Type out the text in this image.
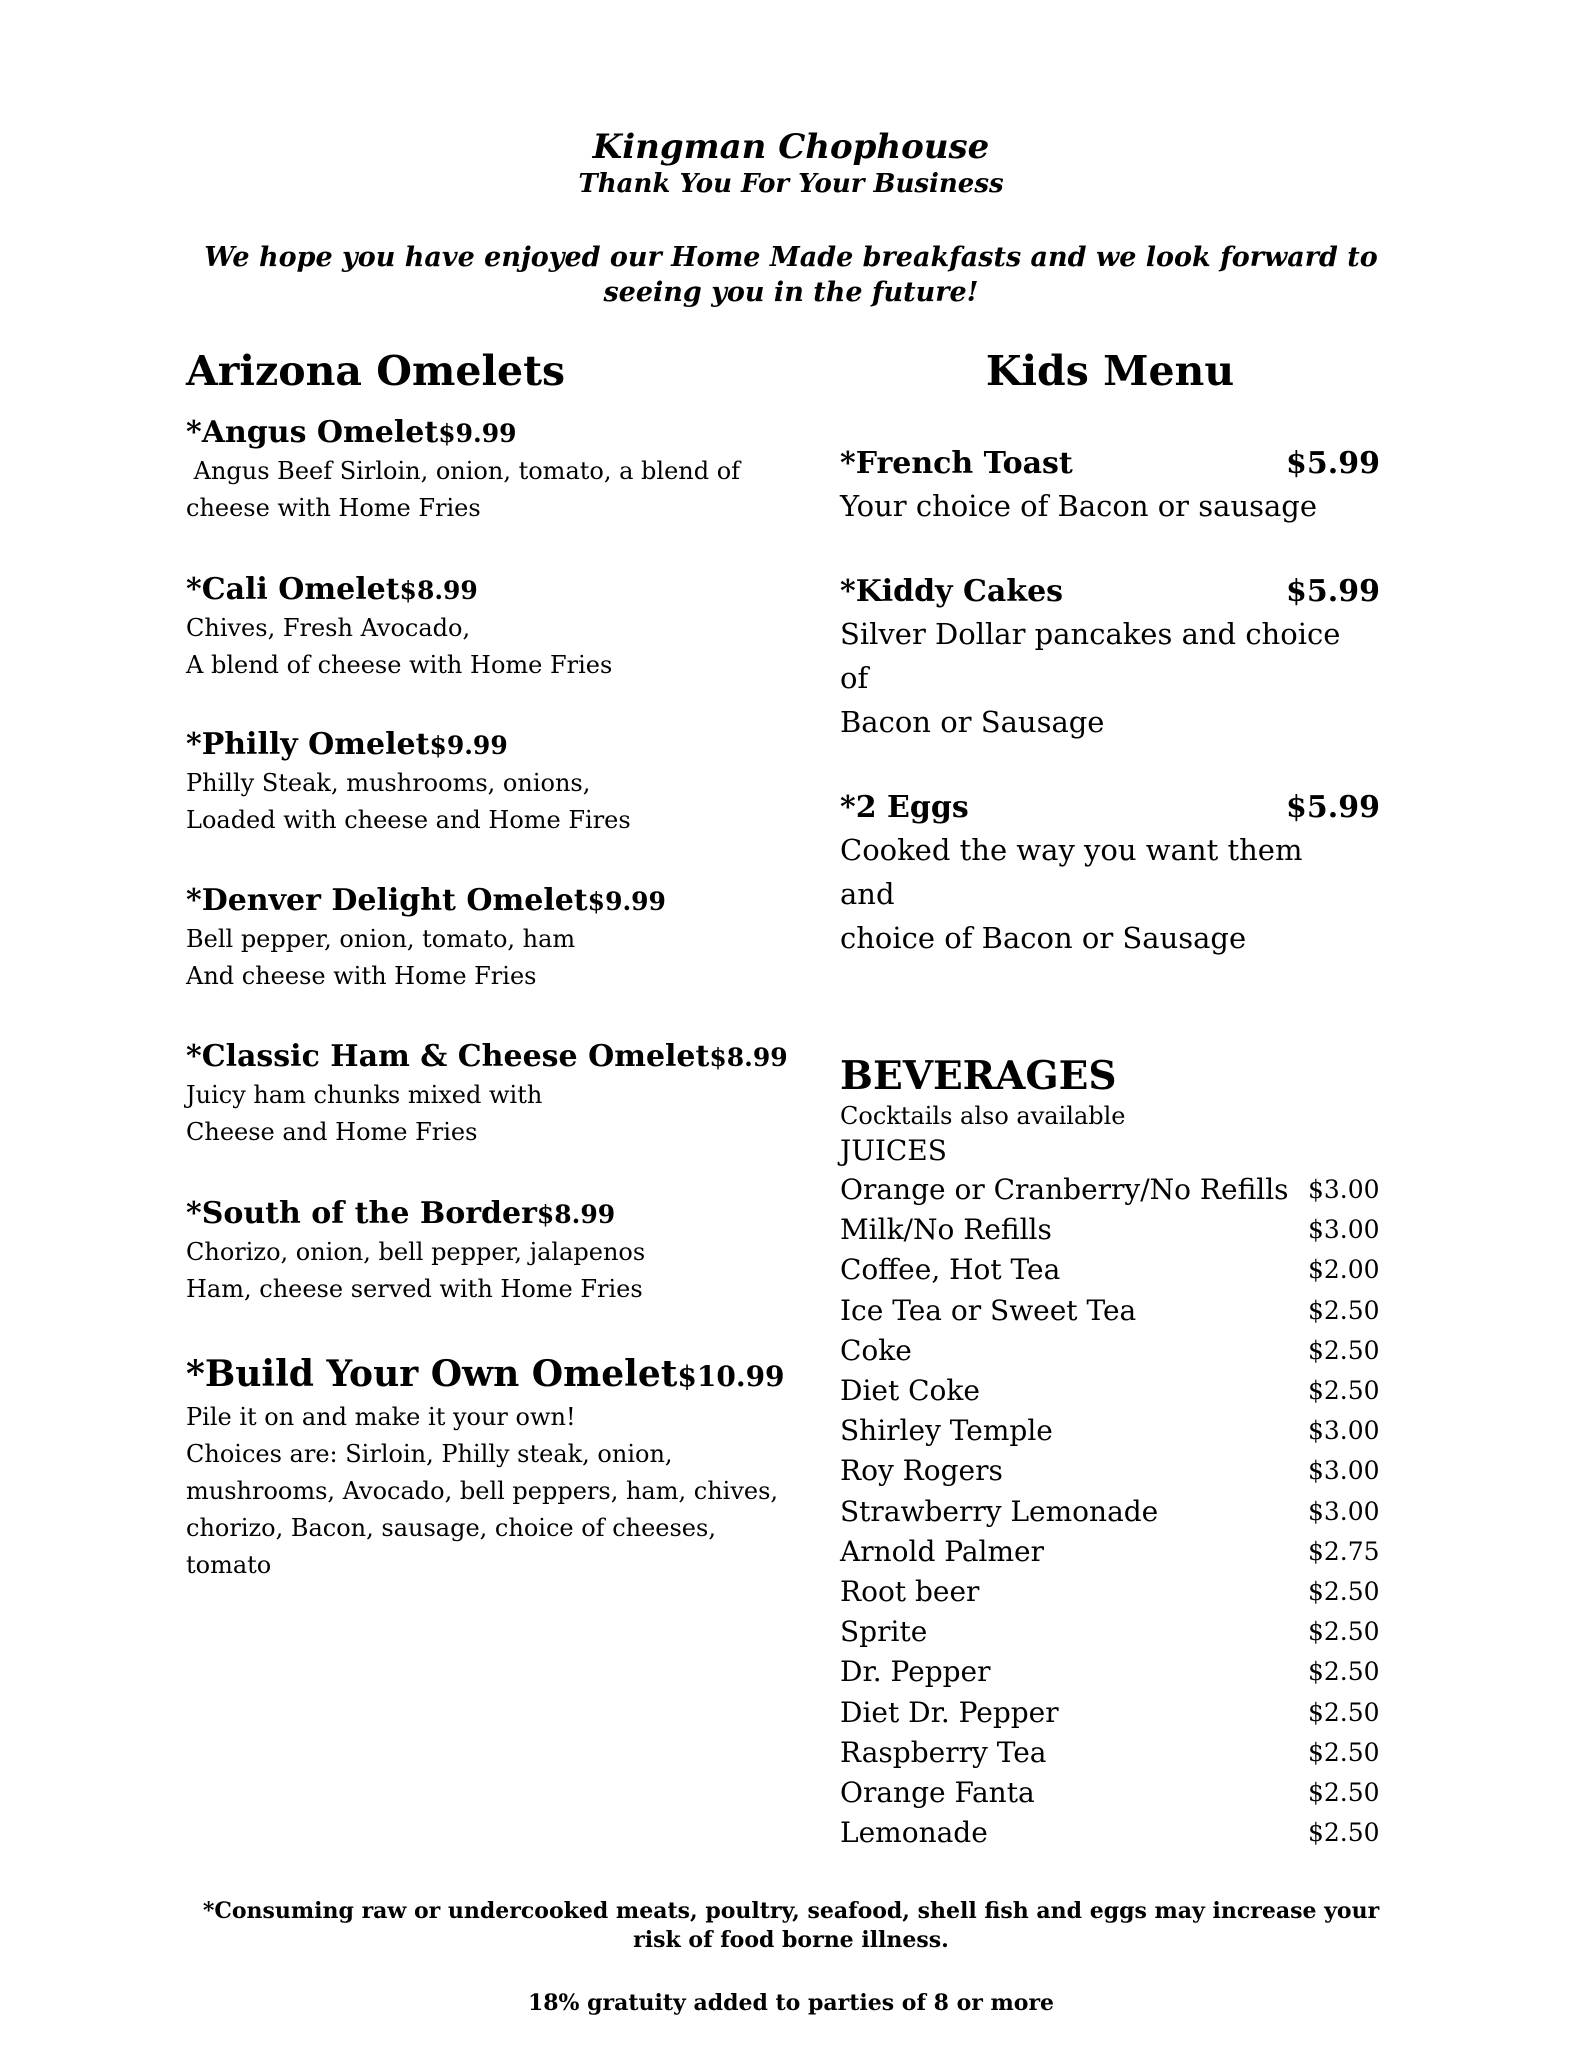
Kingman Chophouse
Thank You For Your Business
We hope you have enjoyed our Home Made breakfasts and we look forward to seeing you in the future!
Arizona Omelets
*Angus Omelet$9.99
Angus Beef Sirloin, onion, tomato, a blend of
cheese with Home Fries
*Cali Omelet$8.99
Chives, Fresh Avocado,
A blend of cheese with Home Fries
*Philly Omelet$9.99
Philly Steak, mushrooms, onions,
Loaded with cheese and Home Fires
*Denver Delight Omelet$9.99
Bell pepper, onion, tomato, ham
And cheese with Home Fries
*Classic Ham & Cheese Omelet$8.99
Juicy ham chunks mixed with
Cheese and Home Fries
*South of the Border$8.99
Chorizo, onion, bell pepper, jalapenos
Ham, cheese served with Home Fries
*Build Your Own Omelet$10.99
Pile it on and make it your own!
Choices are: Sirloin, Philly steak, onion,
mushrooms, Avocado, bell peppers, ham, chives,
chorizo, Bacon, sausage, choice of cheeses,
tomato
Kids Menu
*French Toast	$5.99
Your choice of Bacon or sausage
*Kiddy Cakes	$5.99
Silver Dollar pancakes and choice of
Bacon or Sausage
*2 Eggs	$5.99
Cooked the way you want them and
choice of Bacon or Sausage
BEVERAGES
Cocktails also available
JUICES
Orange or Cranberry/No Refills $3.00
Milk/No Refills	$3.00
Coffee, Hot Tea	$2.00
Ice Tea or Sweet Tea	$2.50
Coke	$2.50
Diet Coke	$2.50
Shirley Temple	$3.00
Roy Rogers	$3.00
Strawberry Lemonade	$3.00
Arnold Palmer	$2.75
Root beer	$2.50
Sprite	$2.50
Dr. Pepper	$2.50
Diet Dr. Pepper	$2.50
Raspberry Tea	$2.50
Orange Fanta	$2.50
Lemonade	$2.50
*Consuming raw or undercooked meats, poultry, seafood, shell fish and eggs may increase your risk of food borne illness.
18% gratuity added to parties of 8 or more
